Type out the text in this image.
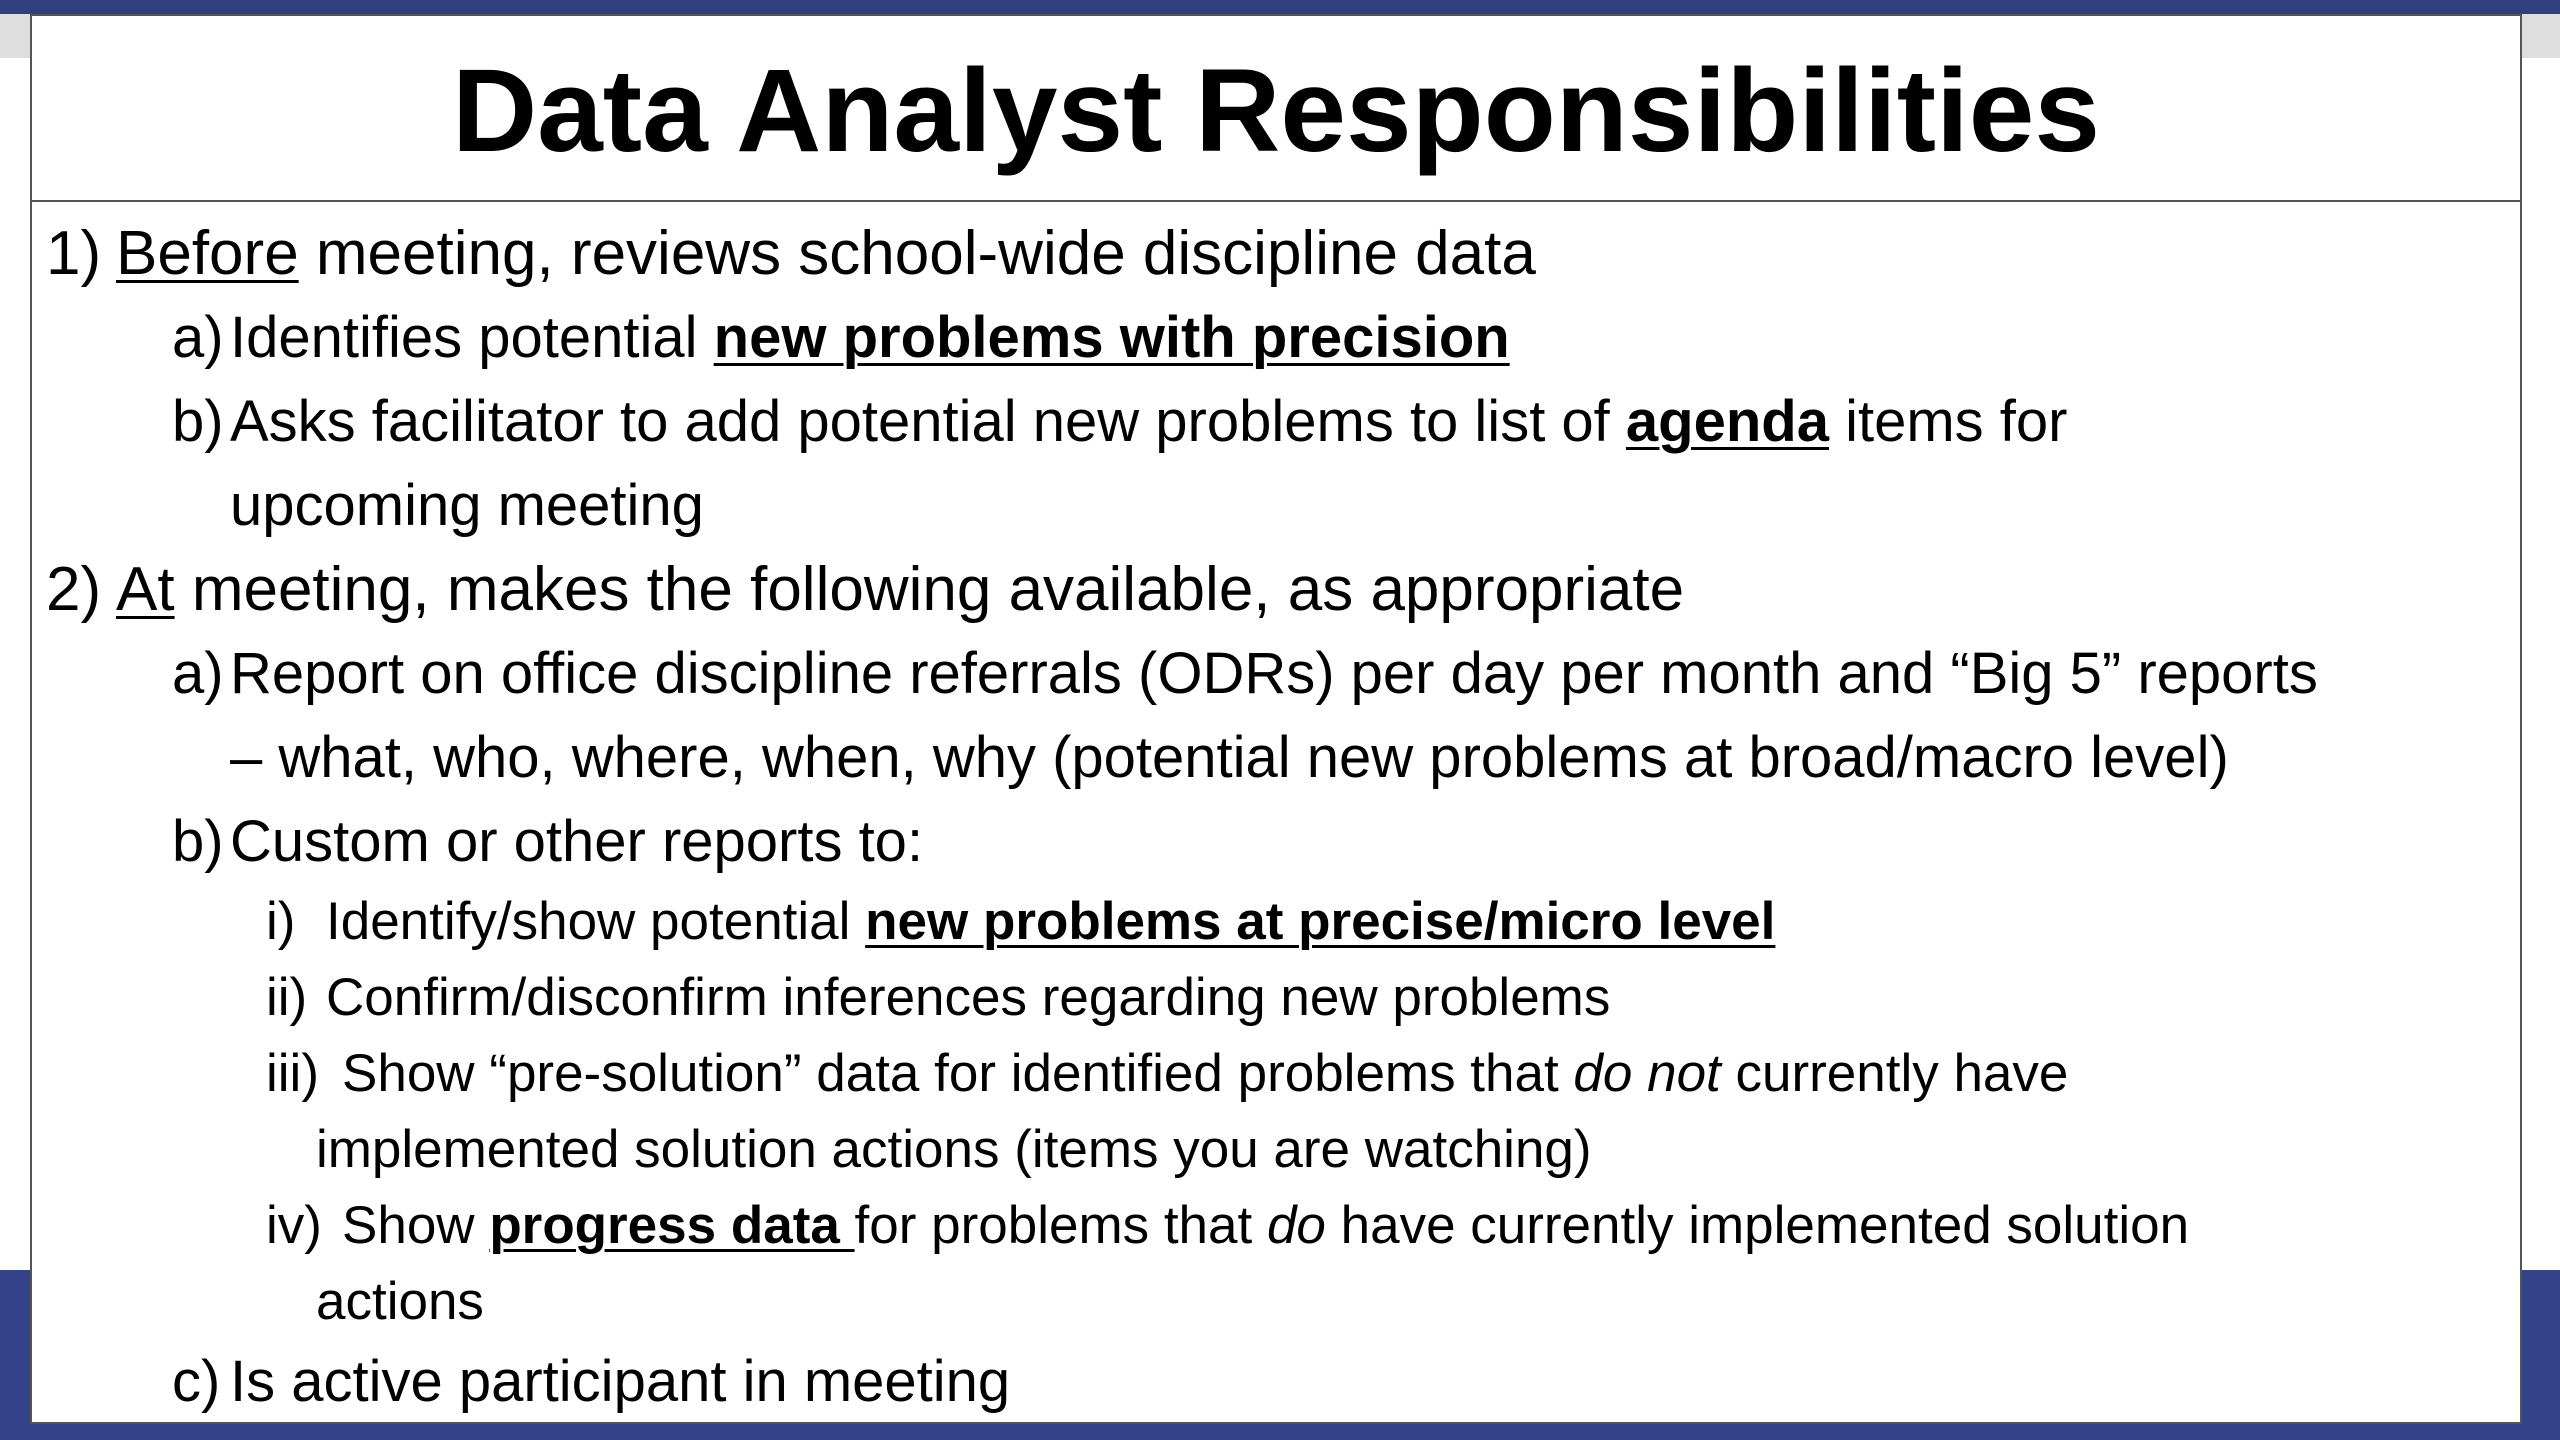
Data Analyst Responsibilities
1) Before meeting, reviews school-wide discipline data
a) Identifies potential new problems with precision
b) Asks facilitator to add potential new problems to list of agenda items for
upcoming meeting
2) At meeting, makes the following available, as appropriate
a) Report on office discipline referrals (ODRs) per day per month and “Big 5” reports
– what, who, where, when, why (potential new problems at broad/macro level)
b) Custom or other reports to:
i) Identify/show potential new problems at precise/micro level
ii) Confirm/disconfirm inferences regarding new problems
iii) Show “pre-solution” data for identified problems that do not currently have
implemented solution actions (items you are watching)
iv) Show progress data for problems that do have currently implemented solution
actions
c) Is active participant in meeting
